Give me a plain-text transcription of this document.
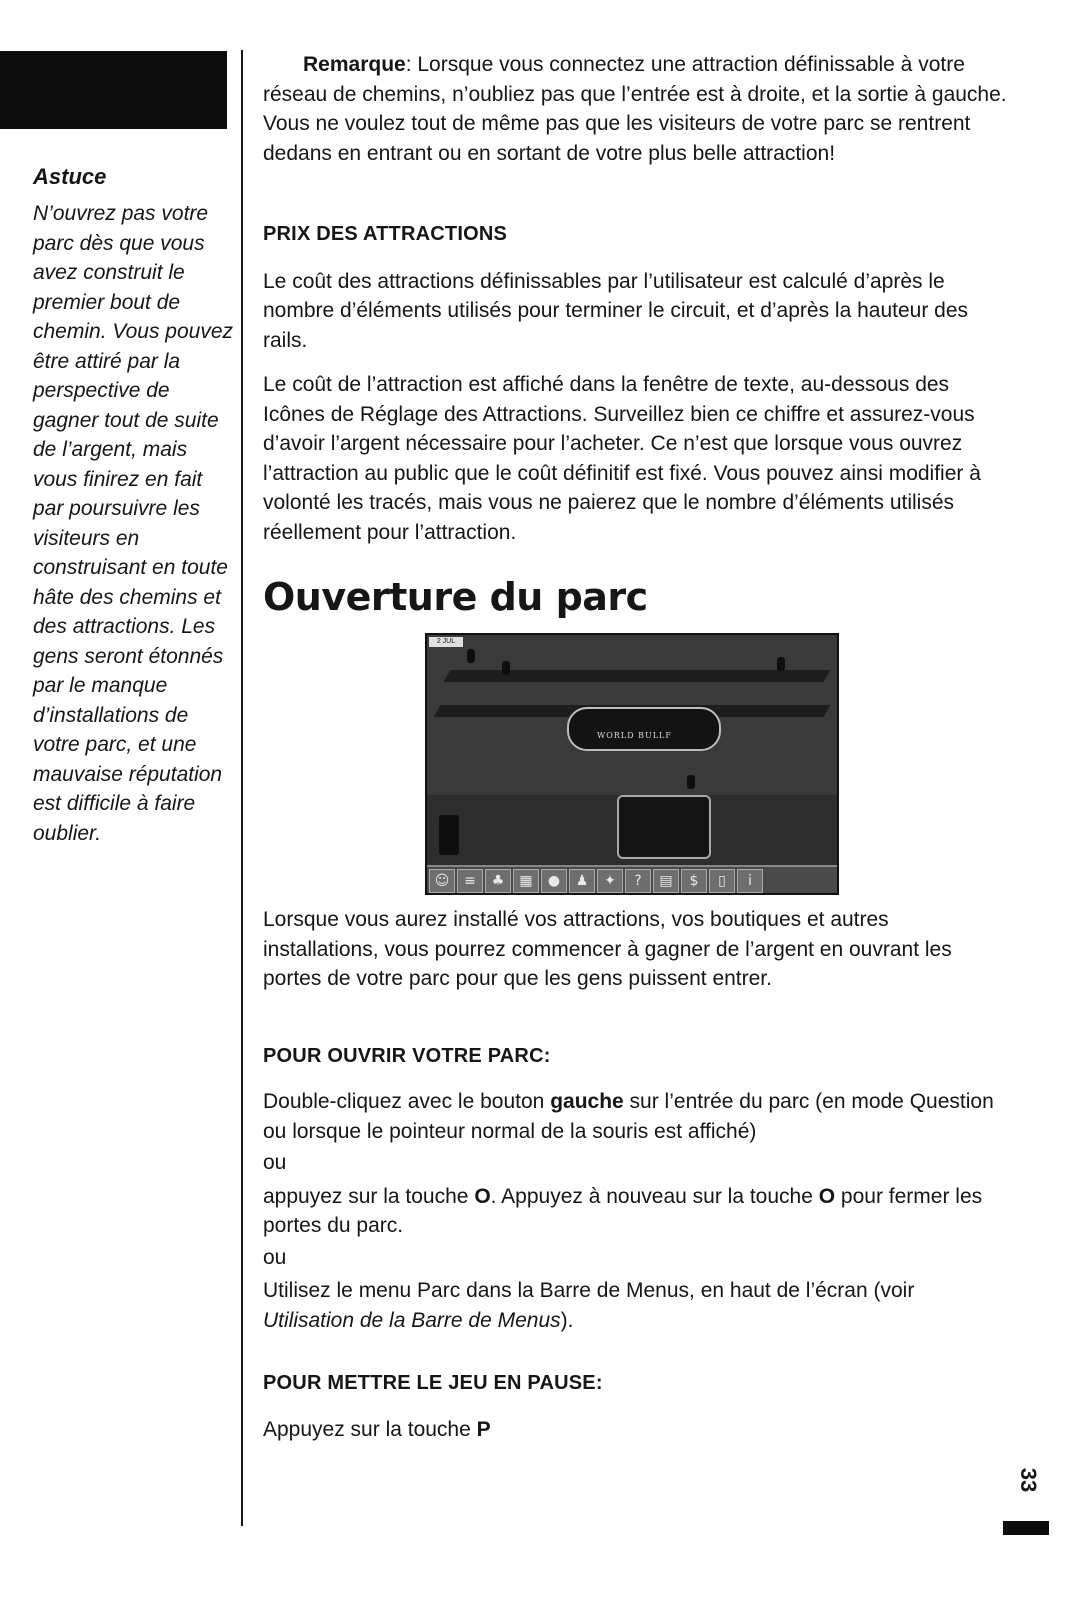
Astuce

N’ouvrez pas votre parc dès que vous avez construit le premier bout de chemin. Vous pouvez être attiré par la perspective de gagner tout de suite de l’argent, mais vous finirez en fait par poursuivre les visiteurs en construisant en toute hâte des chemins et des attractions. Les gens seront étonnés par le manque d’installations de votre parc, et une mauvaise réputation est difficile à faire oublier.

Remarque: Lorsque vous connectez une attraction définissable à votre réseau de chemins, n’oubliez pas que l’entrée est à droite, et la sortie à gauche. Vous ne voulez tout de même pas que les visiteurs de votre parc se rentrent dedans en entrant ou en sortant de votre plus belle attraction!

PRIX DES ATTRACTIONS

Le coût des attractions définissables par l’utilisateur est calculé d’après le nombre d’éléments utilisés pour terminer le circuit, et d’après la hauteur des rails.

Le coût de l’attraction est affiché dans la fenêtre de texte, au-dessous des Icônes de Réglage des Attractions. Surveillez bien ce chiffre et assurez-vous d’avoir l’argent nécessaire pour l’acheter. Ce n’est que lorsque vous ouvrez l’attraction au public que le coût définitif est fixé. Vous pouvez ainsi modifier à volonté les tracés, mais vous ne paierez que le nombre d’éléments utilisés réellement pour l’attraction.

Ouverture du parc

WORLD BULLF
2 JUL
☺	≡	♣	▦	●	♟	✦	?	▤	$	▯	i

Lorsque vous aurez installé vos attractions, vos boutiques et autres installations, vous pourrez commencer à gagner de l’argent en ouvrant les portes de votre parc pour que les gens puissent entrer.

POUR OUVRIR VOTRE PARC:

Double-cliquez avec le bouton gauche sur l’entrée du parc (en mode Question ou lorsque le pointeur normal de la souris est affiché)

ou

appuyez sur la touche O. Appuyez à nouveau sur la touche O pour fermer les portes du parc.

ou

Utilisez le menu Parc dans la Barre de Menus, en haut de l’écran (voir Utilisation de la Barre de Menus).

POUR METTRE LE JEU EN PAUSE:

Appuyez sur la touche P

33
